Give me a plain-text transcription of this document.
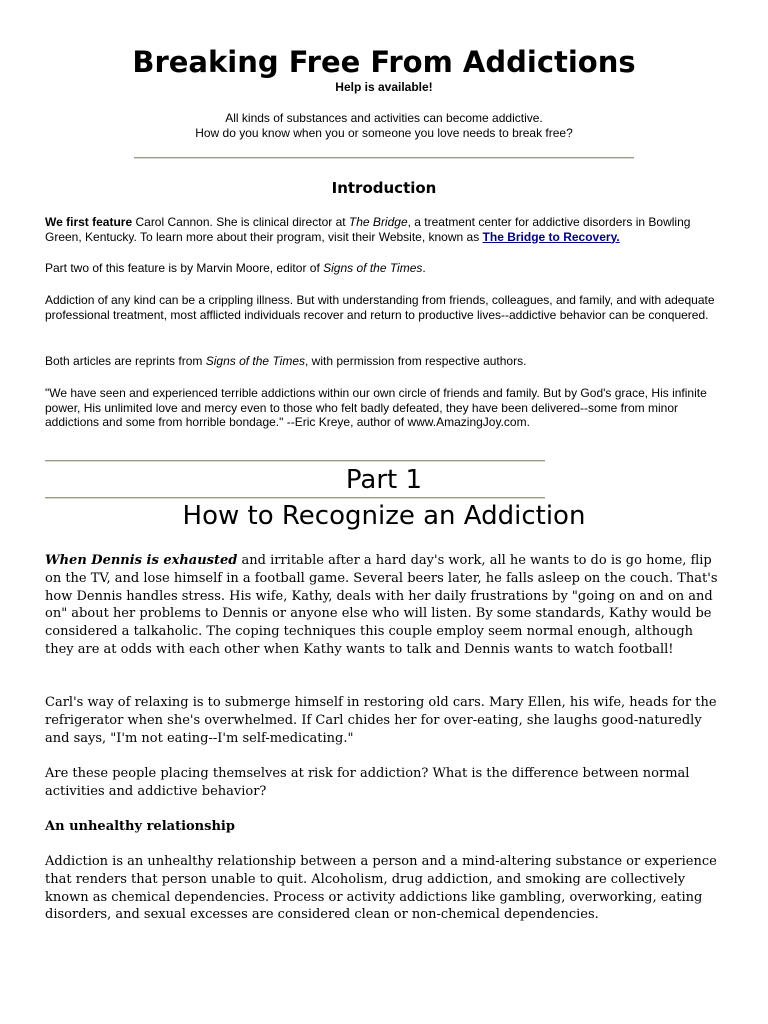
Breaking Free From Addictions
Help is available!
All kinds of substances and activities can become addictive.
How do you know when you or someone you love needs to break free?
Introduction

We first feature Carol Cannon. She is clinical director at The Bridge, a treatment center for addictive disorders in Bowling Green, Kentucky. To learn more about their program, visit their Website, known as The Bridge to Recovery.

Part two of this feature is by Marvin Moore, editor of Signs of the Times.

Addiction of any kind can be a crippling illness. But with understanding from friends, colleagues, and family, and with adequate professional treatment, most afflicted individuals recover and return to productive lives--addictive behavior can be conquered.

Both articles are reprints from Signs of the Times, with permission from respective authors.

"We have seen and experienced terrible addictions within our own circle of friends and family. But by God's grace, His infinite power, His unlimited love and mercy even to those who felt badly defeated, they have been delivered--some from minor addictions and some from horrible bondage." --Eric Kreye, author of www.AmazingJoy.com.

Part 1
How to Recognize an Addiction

When Dennis is exhausted and irritable after a hard day's work, all he wants to do is go home, flip on the TV, and lose himself in a football game. Several beers later, he falls asleep on the couch. That's how Dennis handles stress. His wife, Kathy, deals with her daily frustrations by "going on and on and on" about her problems to Dennis or anyone else who will listen. By some standards, Kathy would be considered a talkaholic. The coping techniques this couple employ seem normal enough, although they are at odds with each other when Kathy wants to talk and Dennis wants to watch football!

Carl's way of relaxing is to submerge himself in restoring old cars. Mary Ellen, his wife, heads for the refrigerator when she's overwhelmed. If Carl chides her for over-eating, she laughs good-naturedly and says, "I'm not eating--I'm self-medicating."

Are these people placing themselves at risk for addiction? What is the difference between normal activities and addictive behavior?

An unhealthy relationship

Addiction is an unhealthy relationship between a person and a mind-altering substance or experience that renders that person unable to quit. Alcoholism, drug addiction, and smoking are collectively known as chemical dependencies. Process or activity addictions like gambling, overworking, eating disorders, and sexual excesses are considered clean or non-chemical dependencies.
